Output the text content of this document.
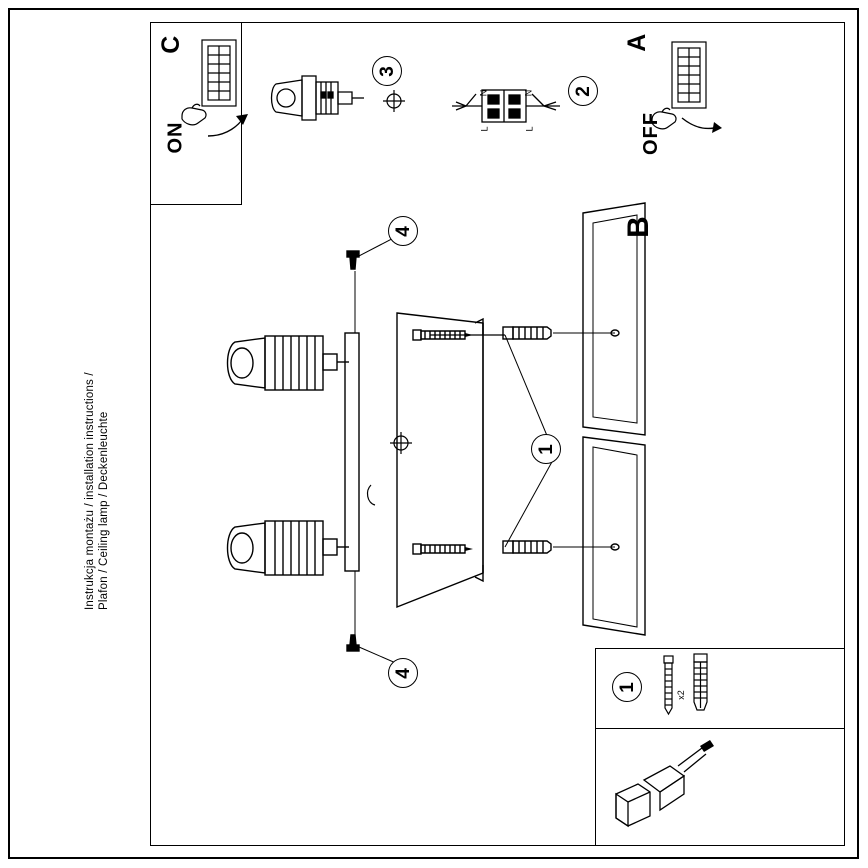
A
OFF
C
ON
3
2
N	N
L	L
B
4
4
1
1
x2
Instrukcja montażu / installation instructions / Plafon / Ceiling lamp / Deckenleuchte
